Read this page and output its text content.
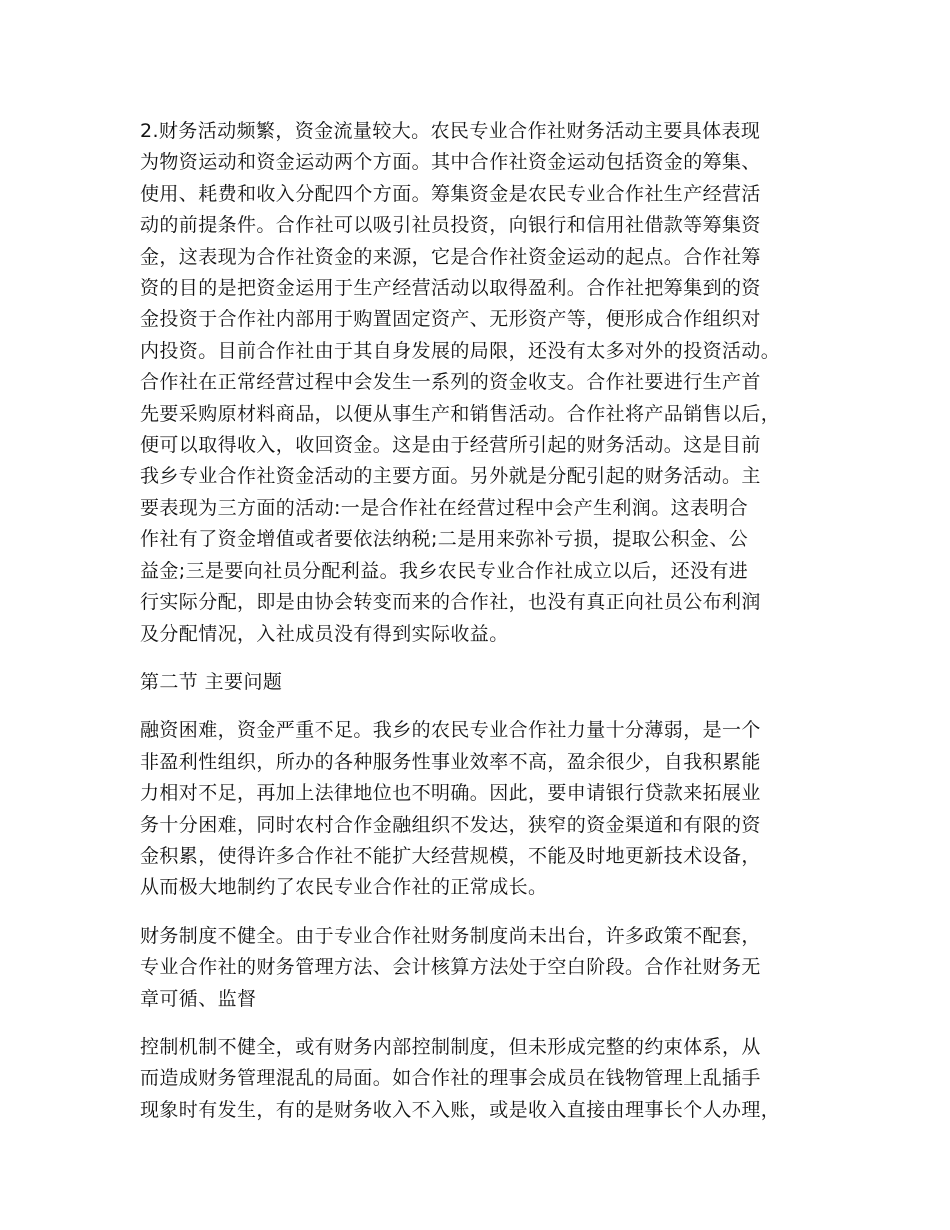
2.财务活动频繁，资金流量较大。农民专业合作社财务活动主要具体表现
为物资运动和资金运动两个方面。其中合作社资金运动包括资金的筹集、
使用、耗费和收入分配四个方面。筹集资金是农民专业合作社生产经营活
动的前提条件。合作社可以吸引社员投资，向银行和信用社借款等筹集资
金，这表现为合作社资金的来源，它是合作社资金运动的起点。合作社筹
资的目的是把资金运用于生产经营活动以取得盈利。合作社把筹集到的资
金投资于合作社内部用于购置固定资产、无形资产等，便形成合作组织对
内投资。目前合作社由于其自身发展的局限，还没有太多对外的投资活动。
合作社在正常经营过程中会发生一系列的资金收支。合作社要进行生产首
先要采购原材料商品，以便从事生产和销售活动。合作社将产品销售以后，
便可以取得收入，收回资金。这是由于经营所引起的财务活动。这是目前
我乡专业合作社资金活动的主要方面。另外就是分配引起的财务活动。主
要表现为三方面的活动:一是合作社在经营过程中会产生利润。这表明合
作社有了资金增值或者要依法纳税;二是用来弥补亏损，提取公积金、公
益金;三是要向社员分配利益。我乡农民专业合作社成立以后，还没有进
行实际分配，即是由协会转变而来的合作社，也没有真正向社员公布利润
及分配情况，入社成员没有得到实际收益。

第二节 主要问题

融资困难，资金严重不足。我乡的农民专业合作社力量十分薄弱，是一个
非盈利性组织，所办的各种服务性事业效率不高，盈余很少，自我积累能
力相对不足，再加上法律地位也不明确。因此，要申请银行贷款来拓展业
务十分困难，同时农村合作金融组织不发达，狭窄的资金渠道和有限的资
金积累，使得许多合作社不能扩大经营规模，不能及时地更新技术设备，
从而极大地制约了农民专业合作社的正常成长。

财务制度不健全。由于专业合作社财务制度尚未出台，许多政策不配套，
专业合作社的财务管理方法、会计核算方法处于空白阶段。合作社财务无
章可循、监督

控制机制不健全，或有财务内部控制制度，但未形成完整的约束体系，从
而造成财务管理混乱的局面。如合作社的理事会成员在钱物管理上乱插手
现象时有发生，有的是财务收入不入账，或是收入直接由理事长个人办理，
